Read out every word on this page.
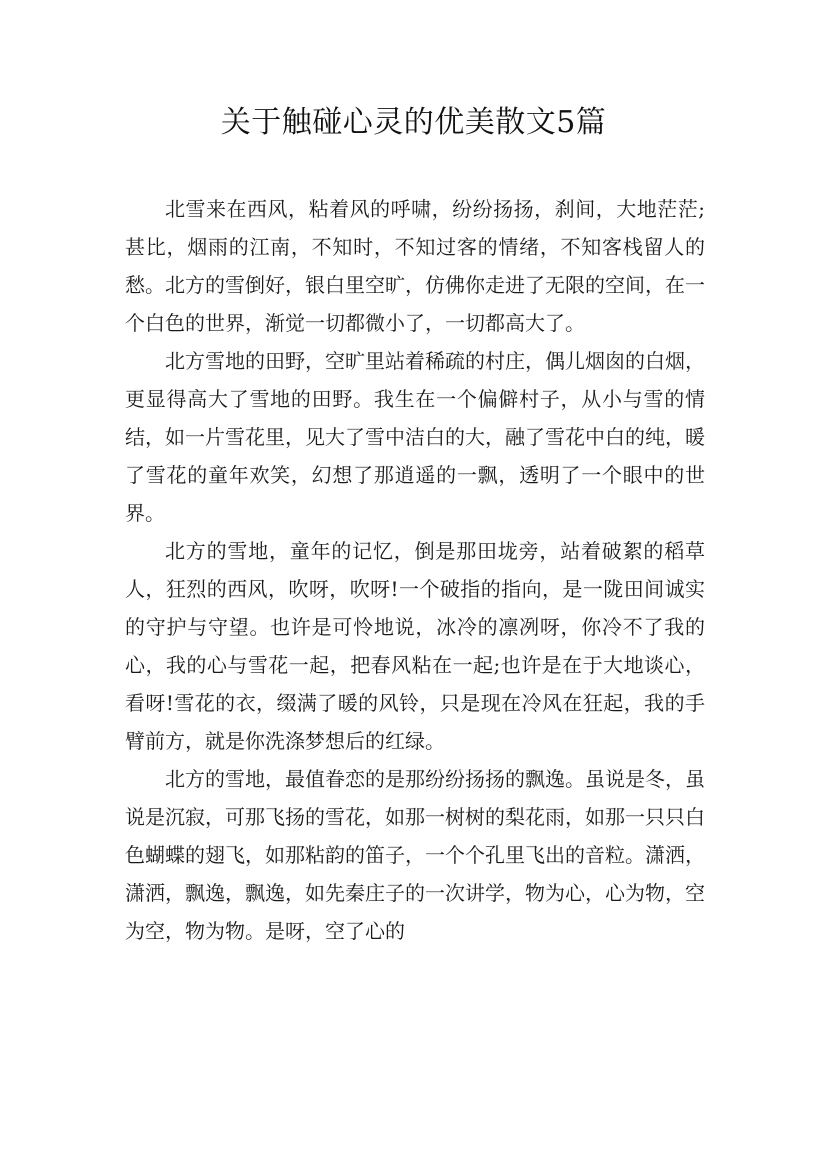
关于触碰心灵的优美散文5篇

北雪来在西风，粘着风的呼啸，纷纷扬扬，刹间，大地茫茫;甚比，烟雨的江南，不知时，不知过客的情绪，不知客栈留人的愁。北方的雪倒好，银白里空旷，仿佛你走进了无限的空间，在一个白色的世界，渐觉一切都微小了，一切都高大了。

北方雪地的田野，空旷里站着稀疏的村庄，偶儿烟囱的白烟，更显得高大了雪地的田野。我生在一个偏僻村子，从小与雪的情结，如一片雪花里，见大了雪中洁白的大，融了雪花中白的纯，暖了雪花的童年欢笑，幻想了那逍遥的一飘，透明了一个眼中的世界。

北方的雪地，童年的记忆，倒是那田垅旁，站着破絮的稻草人，狂烈的西风，吹呀，吹呀!一个破指的指向，是一陇田间诚实的守护与守望。也许是可怜地说，冰冷的凛冽呀，你冷不了我的心，我的心与雪花一起，把春风粘在一起;也许是在于大地谈心，看呀!雪花的衣，缀满了暖的风铃，只是现在冷风在狂起，我的手臂前方，就是你洗涤梦想后的红绿。

北方的雪地，最值眷恋的是那纷纷扬扬的飘逸。虽说是冬，虽说是沉寂，可那飞扬的雪花，如那一树树的梨花雨，如那一只只白色蝴蝶的翅飞，如那粘韵的笛子，一个个孔里飞出的音粒。潇洒，潇洒，飘逸，飘逸，如先秦庄子的一次讲学，物为心，心为物，空为空，物为物。是呀，空了心的
